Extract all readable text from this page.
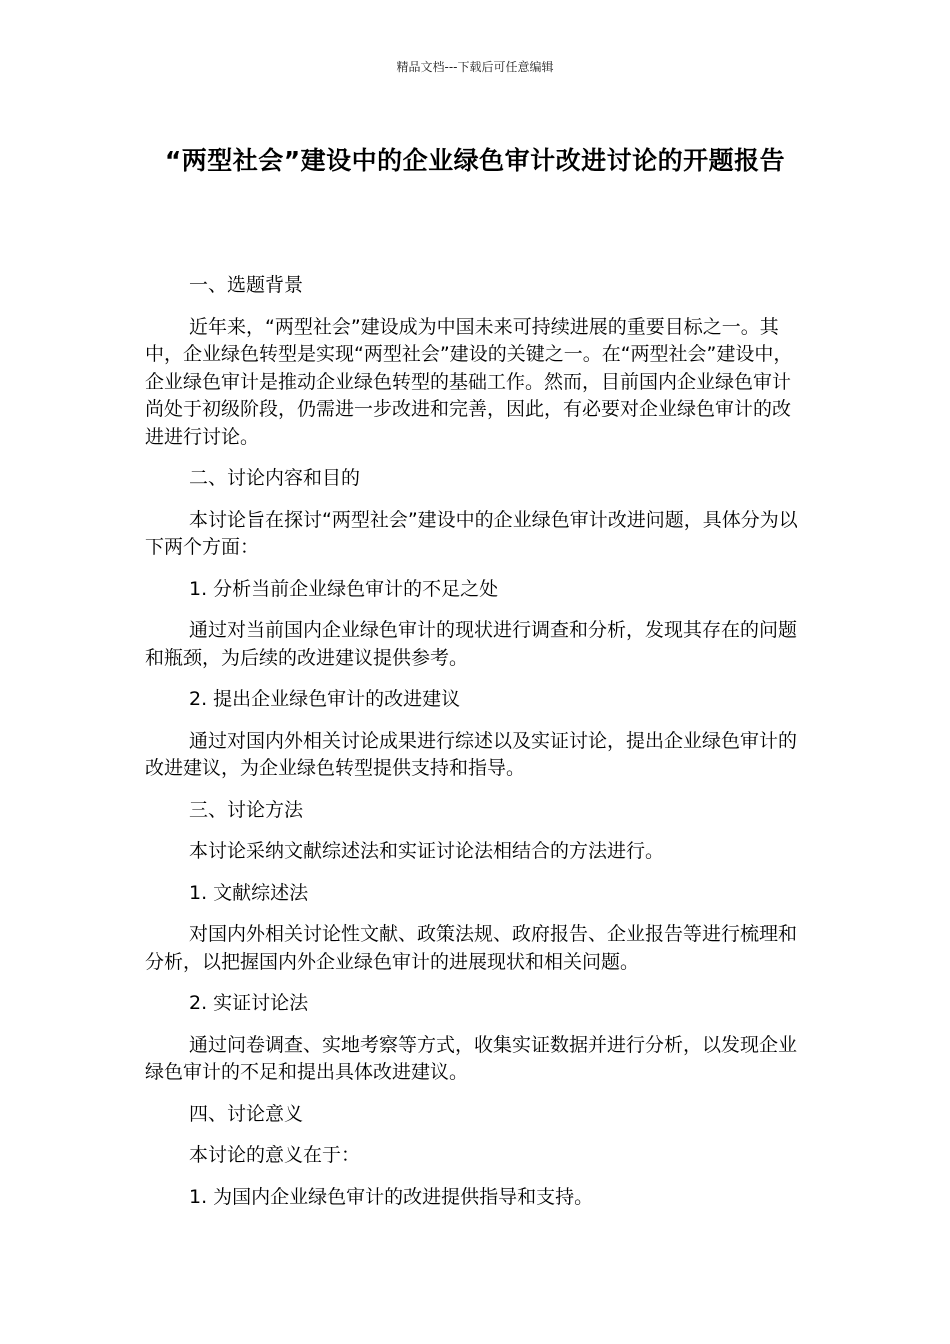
精品文档---下载后可任意编辑
“两型社会”建设中的企业绿色审计改进讨论的开题报告

一、选题背景

近年来，“两型社会”建设成为中国未来可持续进展的重要目标之一。其中，企业绿色转型是实现“两型社会”建设的关键之一。在“两型社会”建设中，企业绿色审计是推动企业绿色转型的基础工作。然而，目前国内企业绿色审计尚处于初级阶段，仍需进一步改进和完善，因此，有必要对企业绿色审计的改进进行讨论。

二、讨论内容和目的

本讨论旨在探讨“两型社会”建设中的企业绿色审计改进问题，具体分为以下两个方面：

1. 分析当前企业绿色审计的不足之处

通过对当前国内企业绿色审计的现状进行调查和分析，发现其存在的问题和瓶颈，为后续的改进建议提供参考。

2. 提出企业绿色审计的改进建议

通过对国内外相关讨论成果进行综述以及实证讨论，提出企业绿色审计的改进建议，为企业绿色转型提供支持和指导。

三、讨论方法

本讨论采纳文献综述法和实证讨论法相结合的方法进行。

1. 文献综述法

对国内外相关讨论性文献、政策法规、政府报告、企业报告等进行梳理和分析，以把握国内外企业绿色审计的进展现状和相关问题。

2. 实证讨论法

通过问卷调查、实地考察等方式，收集实证数据并进行分析，以发现企业绿色审计的不足和提出具体改进建议。

四、讨论意义

本讨论的意义在于：

1. 为国内企业绿色审计的改进提供指导和支持。
